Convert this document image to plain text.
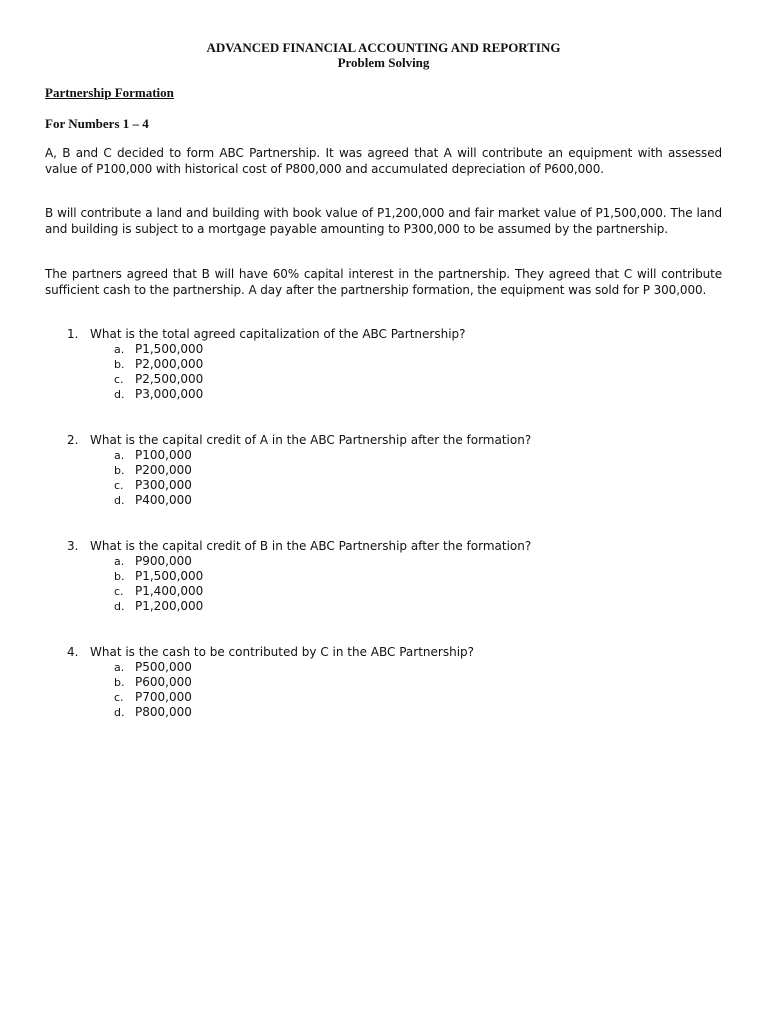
ADVANCED FINANCIAL ACCOUNTING AND REPORTING
Problem Solving
Partnership Formation
For Numbers 1 – 4
A, B and C decided to form ABC Partnership. It was agreed that A will contribute an equipment with assessed value of P100,000 with historical cost of P800,000 and accumulated depreciation of P600,000.
B will contribute a land and building with book value of P1,200,000 and fair market value of P1,500,000. The land and building is subject to a mortgage payable amounting to P300,000 to be assumed by the partnership.
The partners agreed that B will have 60% capital interest in the partnership. They agreed that C will contribute sufficient cash to the partnership. A day after the partnership formation, the equipment was sold for P 300,000.
1. What is the total agreed capitalization of the ABC Partnership?
a. P1,500,000
b. P2,000,000
c. P2,500,000
d. P3,000,000
2. What is the capital credit of A in the ABC Partnership after the formation?
a. P100,000
b. P200,000
c. P300,000
d. P400,000
3. What is the capital credit of B in the ABC Partnership after the formation?
a. P900,000
b. P1,500,000
c. P1,400,000
d. P1,200,000
4. What is the cash to be contributed by C in the ABC Partnership?
a. P500,000
b. P600,000
c. P700,000
d. P800,000
